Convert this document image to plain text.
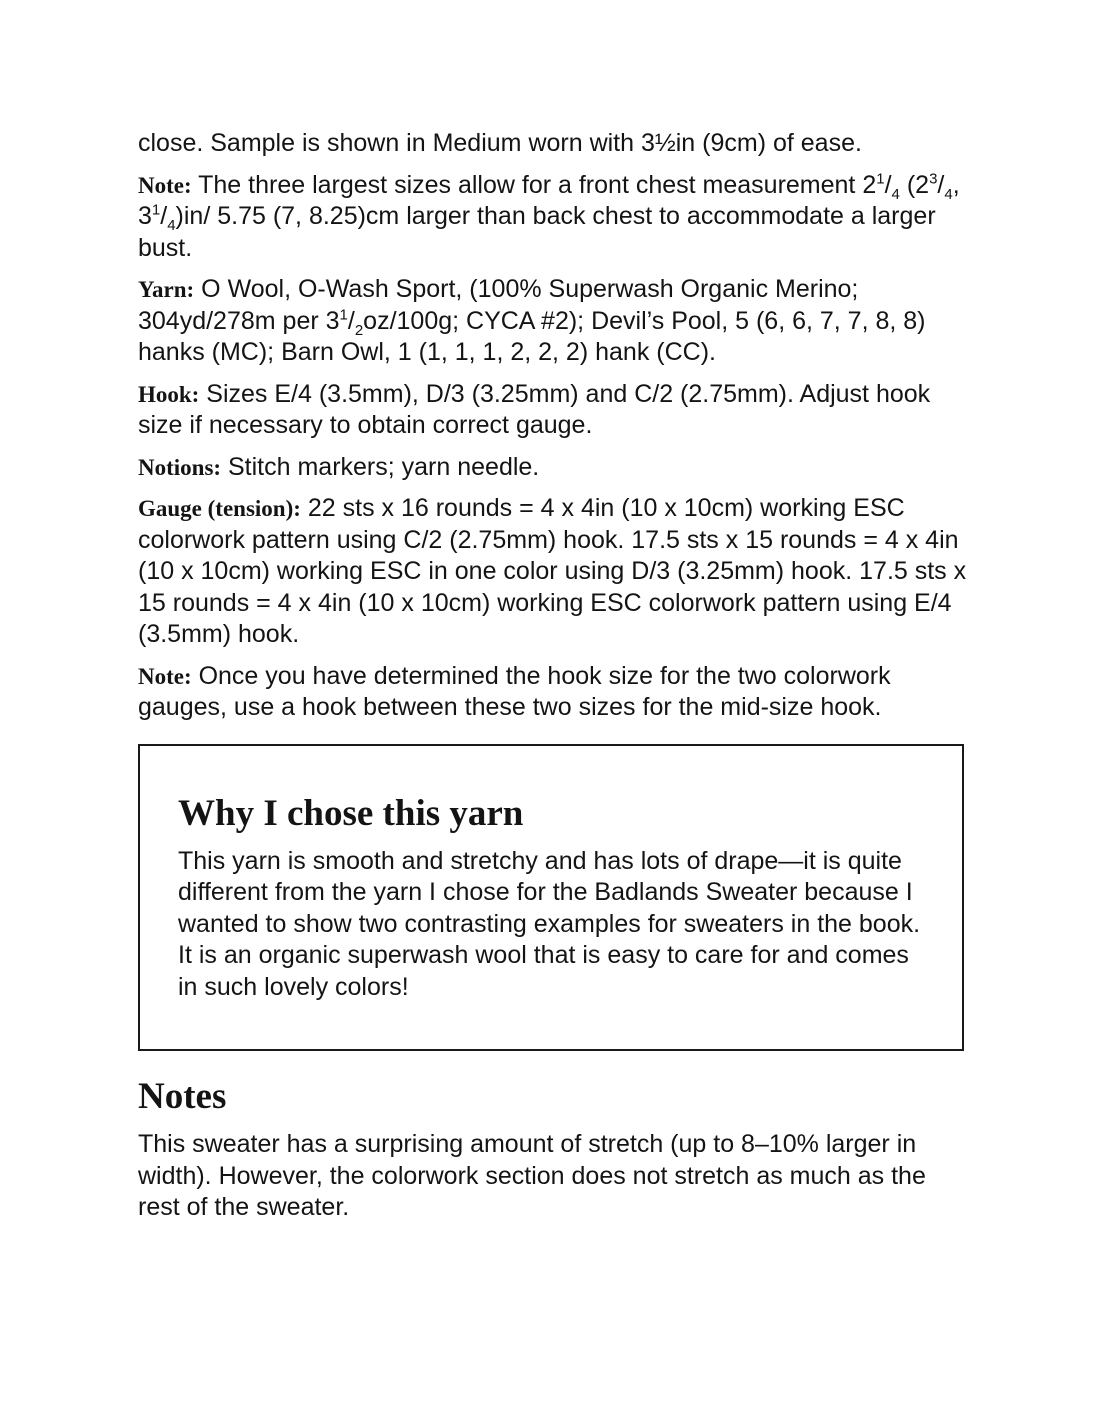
close. Sample is shown in Medium worn with 3½in (9cm) of ease.

Note: The three largest sizes allow for a front chest measurement $2^1/_4$ ($2^3/_4$, $3^1/_4)in/$ 5.75 (7, 8.25)cm larger than back chest to accommodate a larger bust.

Yarn: O Wool, O-Wash Sport, (100% Superwash Organic Merino; 304yd/278m per $3^1/_2oz/100g$; CYCA #2); Devil’s Pool, 5 (6, 6, 7, 7, 8, 8) hanks (MC); Barn Owl, 1 (1, 1, 1, 2, 2, 2) hank (CC).

Hook: Sizes E/4 (3.5mm), D/3 (3.25mm) and C/2 (2.75mm). Adjust hook size if necessary to obtain correct gauge.

Notions: Stitch markers; yarn needle.

Gauge (tension): 22 sts x 16 rounds = 4 x 4in (10 x 10cm) working ESC colorwork pattern using C/2 (2.75mm) hook. 17.5 sts x 15 rounds = 4 x 4in (10 x 10cm) working ESC in one color using D/3 (3.25mm) hook. 17.5 sts x 15 rounds = 4 x 4in (10 x 10cm) working ESC colorwork pattern using E/4 (3.5mm) hook.

Note: Once you have determined the hook size for the two colorwork gauges, use a hook between these two sizes for the mid-size hook.

Why I chose this yarn

This yarn is smooth and stretchy and has lots of drape—it is quite different from the yarn I chose for the Badlands Sweater because I wanted to show two contrasting examples for sweaters in the book. It is an organic superwash wool that is easy to care for and comes in such lovely colors!

Notes

This sweater has a surprising amount of stretch (up to 8–10% larger in width). However, the colorwork section does not stretch as much as the rest of the sweater.
